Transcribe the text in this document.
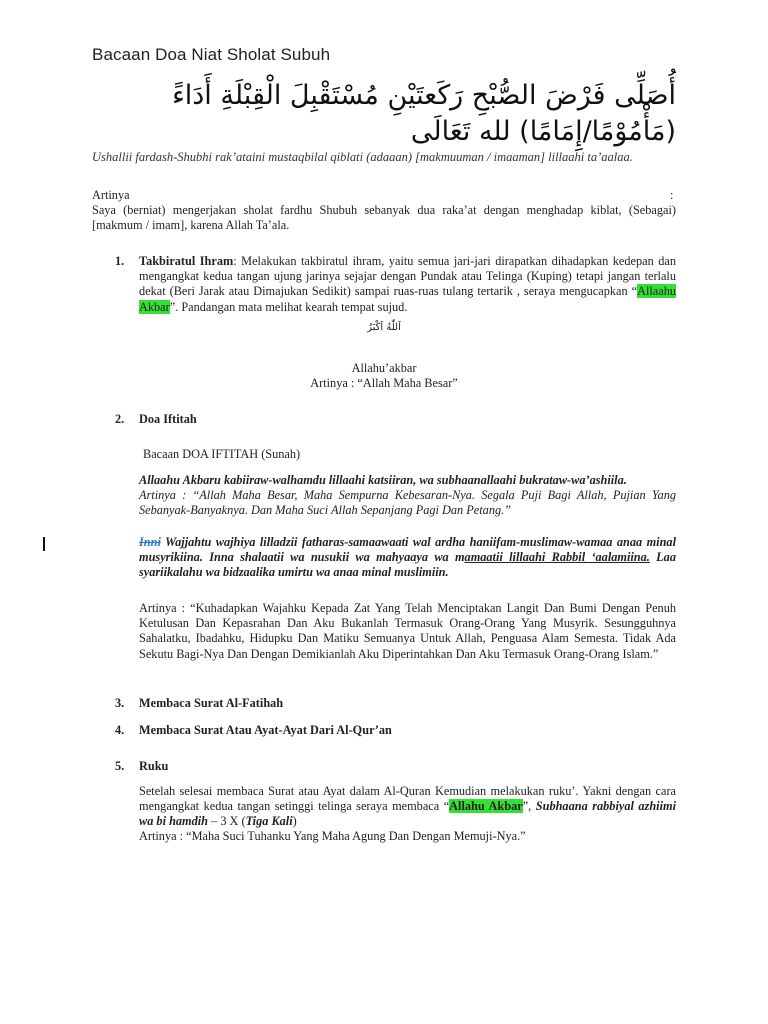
Bacaan Doa Niat Sholat Subuh
أُصَلِّى فَرْضَ الصُّبْحِ رَكَعتَيْنِ مُسْتَقْبِلَ الْقِبْلَةِ أَدَاءً
(مَأْمُوْمًا/إِمَامًا) لله تَعَالَى
Ushallii fardash-Shubhi rak’ataini mustaqbilal qiblati (adaaan) [makmuuman / imaaman] lillaahi ta’aalaa.
Artinya	:
Saya (berniat) mengerjakan sholat fardhu Shubuh sebanyak dua raka’at dengan menghadap kiblat, (Sebagai) [makmum / imam], karena Allah Ta’ala.
1. Takbiratul Ihram: Melakukan takbiratul ihram, yaitu semua jari-jari dirapatkan dihadapkan kedepan dan mengangkat kedua tangan ujung jarinya sejajar dengan Pundak atau Telinga (Kuping) tetapi jangan terlalu dekat (Beri Jarak atau Dimajukan Sedikit) sampai ruas-ruas tulang tertarik , seraya mengucapkan “Allaahu Akbar”. Pandangan mata melihat kearah tempat sujud.
اَللّٰهُ اَكْبَرُ
Allahu’akbar
Artinya : “Allah Maha Besar”
2. Doa Iftitah
Bacaan DOA IFTITAH (Sunah)
Allaahu Akbaru kabiiraw-walhamdu lillaahi katsiiran, wa subhaanallaahi bukrataw-wa’ashiila.
Artinya : “Allah Maha Besar, Maha Sempurna Kebesaran-Nya. Segala Puji Bagi Allah, Pujian Yang Sebanyak-Banyaknya. Dan Maha Suci Allah Sepanjang Pagi Dan Petang.”
Inni Wajjahtu wajhiya lilladzii fatharas-samaawaati wal ardha haniifam-muslimaw-wamaa anaa minal musyrikiina. Inna shalaatii wa nusukii wa mahyaaya wa mamaatii lillaahi Rabbil ‘aalamiina. Laa syariikalahu wa bidzaalika umirtu wa anaa minal muslimiin.
Artinya : “Kuhadapkan Wajahku Kepada Zat Yang Telah Menciptakan Langit Dan Bumi Dengan Penuh Ketulusan Dan Kepasrahan Dan Aku Bukanlah Termasuk Orang-Orang Yang Musyrik. Sesungguhnya Sahalatku, Ibadahku, Hidupku Dan Matiku Semuanya Untuk Allah, Penguasa Alam Semesta. Tidak Ada Sekutu Bagi-Nya Dan Dengan Demikianlah Aku Diperintahkan Dan Aku Termasuk Orang-Orang Islam.”
3. Membaca Surat Al-Fatihah
4. Membaca Surat Atau Ayat-Ayat Dari Al-Qur’an
5. Ruku
Setelah selesai membaca Surat atau Ayat dalam Al-Quran Kemudian melakukan ruku’. Yakni dengan cara mengangkat kedua tangan setinggi telinga seraya membaca “Allahu Akbar”, Subhaana rabbiyal azhiimi wa bi hamdih – 3 X (Tiga Kali)
Artinya : “Maha Suci Tuhanku Yang Maha Agung Dan Dengan Memuji-Nya.”
